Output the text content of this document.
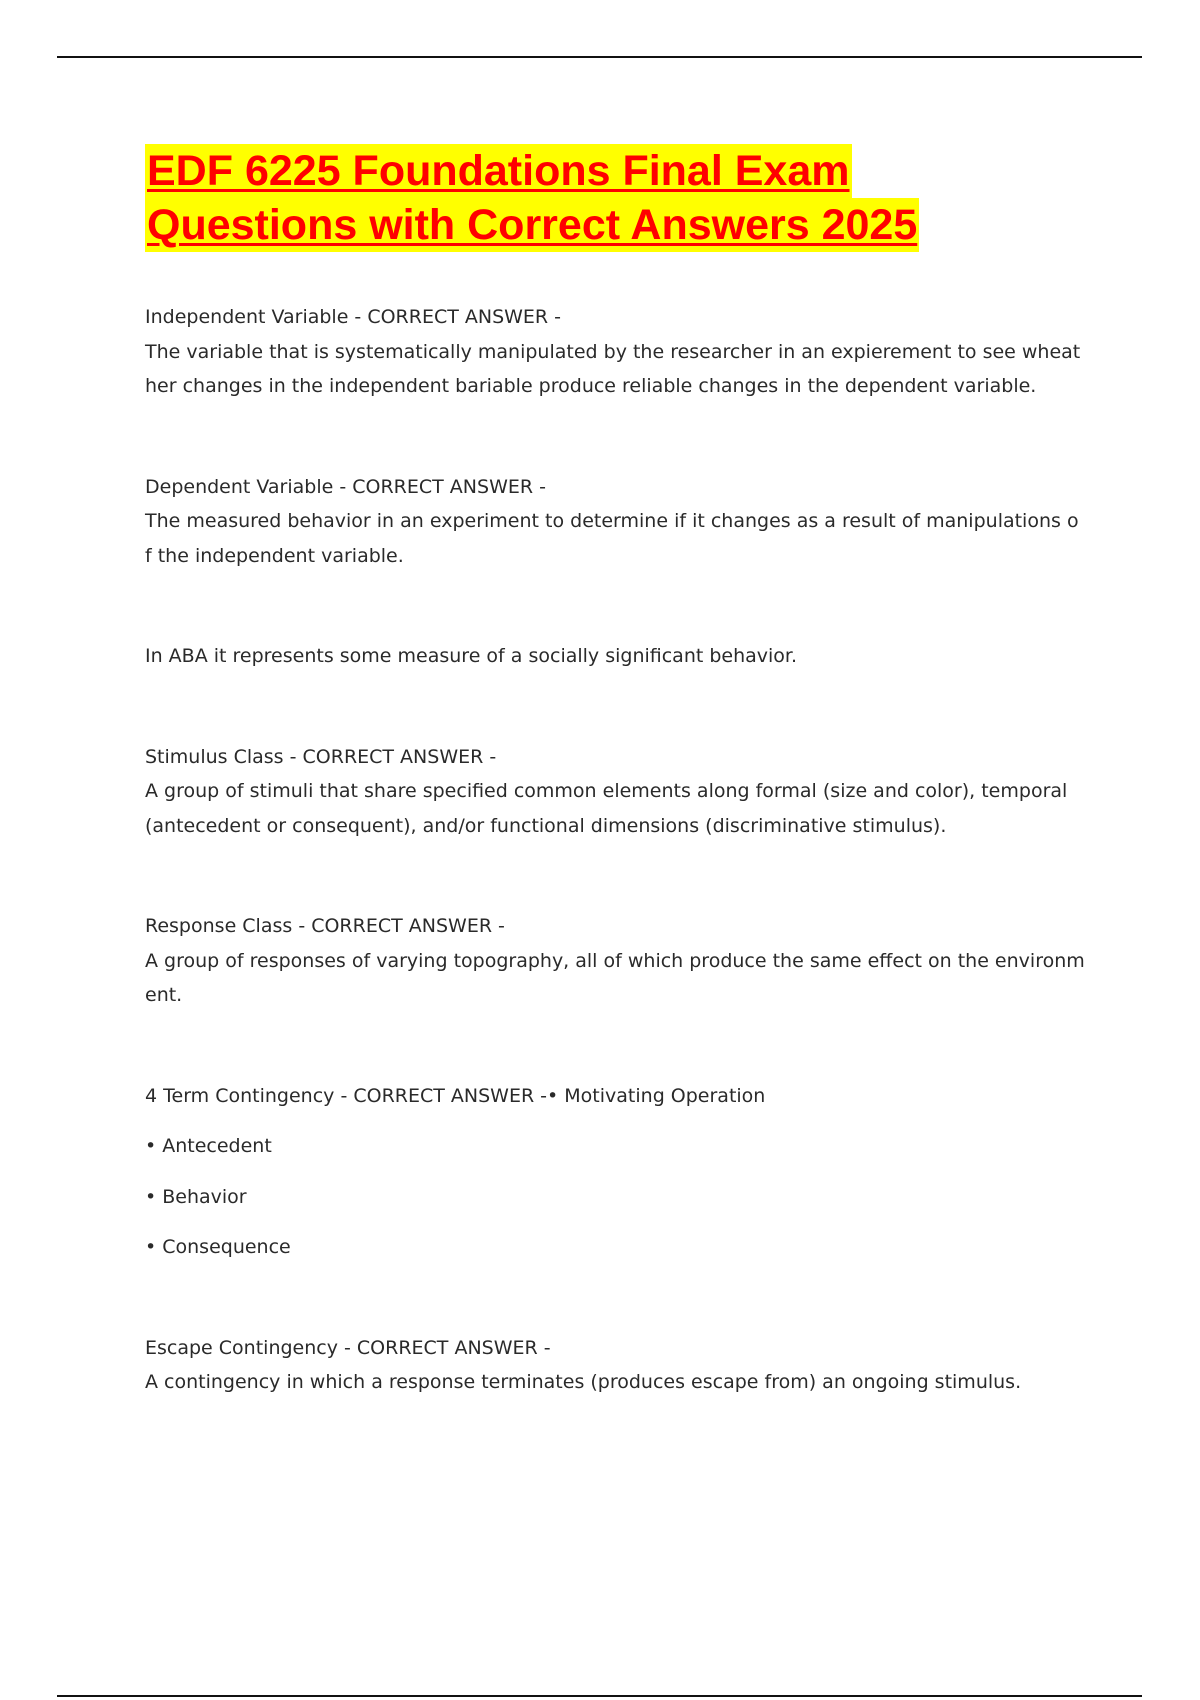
EDF 6225 Foundations Final Exam
Questions with Correct Answers 2025

Independent Variable - CORRECT ANSWER -

The variable that is systematically manipulated by the researcher in an expierement to see wheather changes in the independent bariable produce reliable changes in the dependent variable.

Dependent Variable - CORRECT ANSWER -

The measured behavior in an experiment to determine if it changes as a result of manipulations of the independent variable.

In ABA it represents some measure of a socially significant behavior.

Stimulus Class - CORRECT ANSWER -

A group of stimuli that share specified common elements along formal (size and color), temporal (antecedent or consequent), and/or functional dimensions (discriminative stimulus).

Response Class - CORRECT ANSWER -

A group of responses of varying topography, all of which produce the same effect on the environment.

4 Term Contingency - CORRECT ANSWER -• Motivating Operation

• Antecedent
• Behavior
• Consequence

Escape Contingency - CORRECT ANSWER -

A contingency in which a response terminates (produces escape from) an ongoing stimulus.
